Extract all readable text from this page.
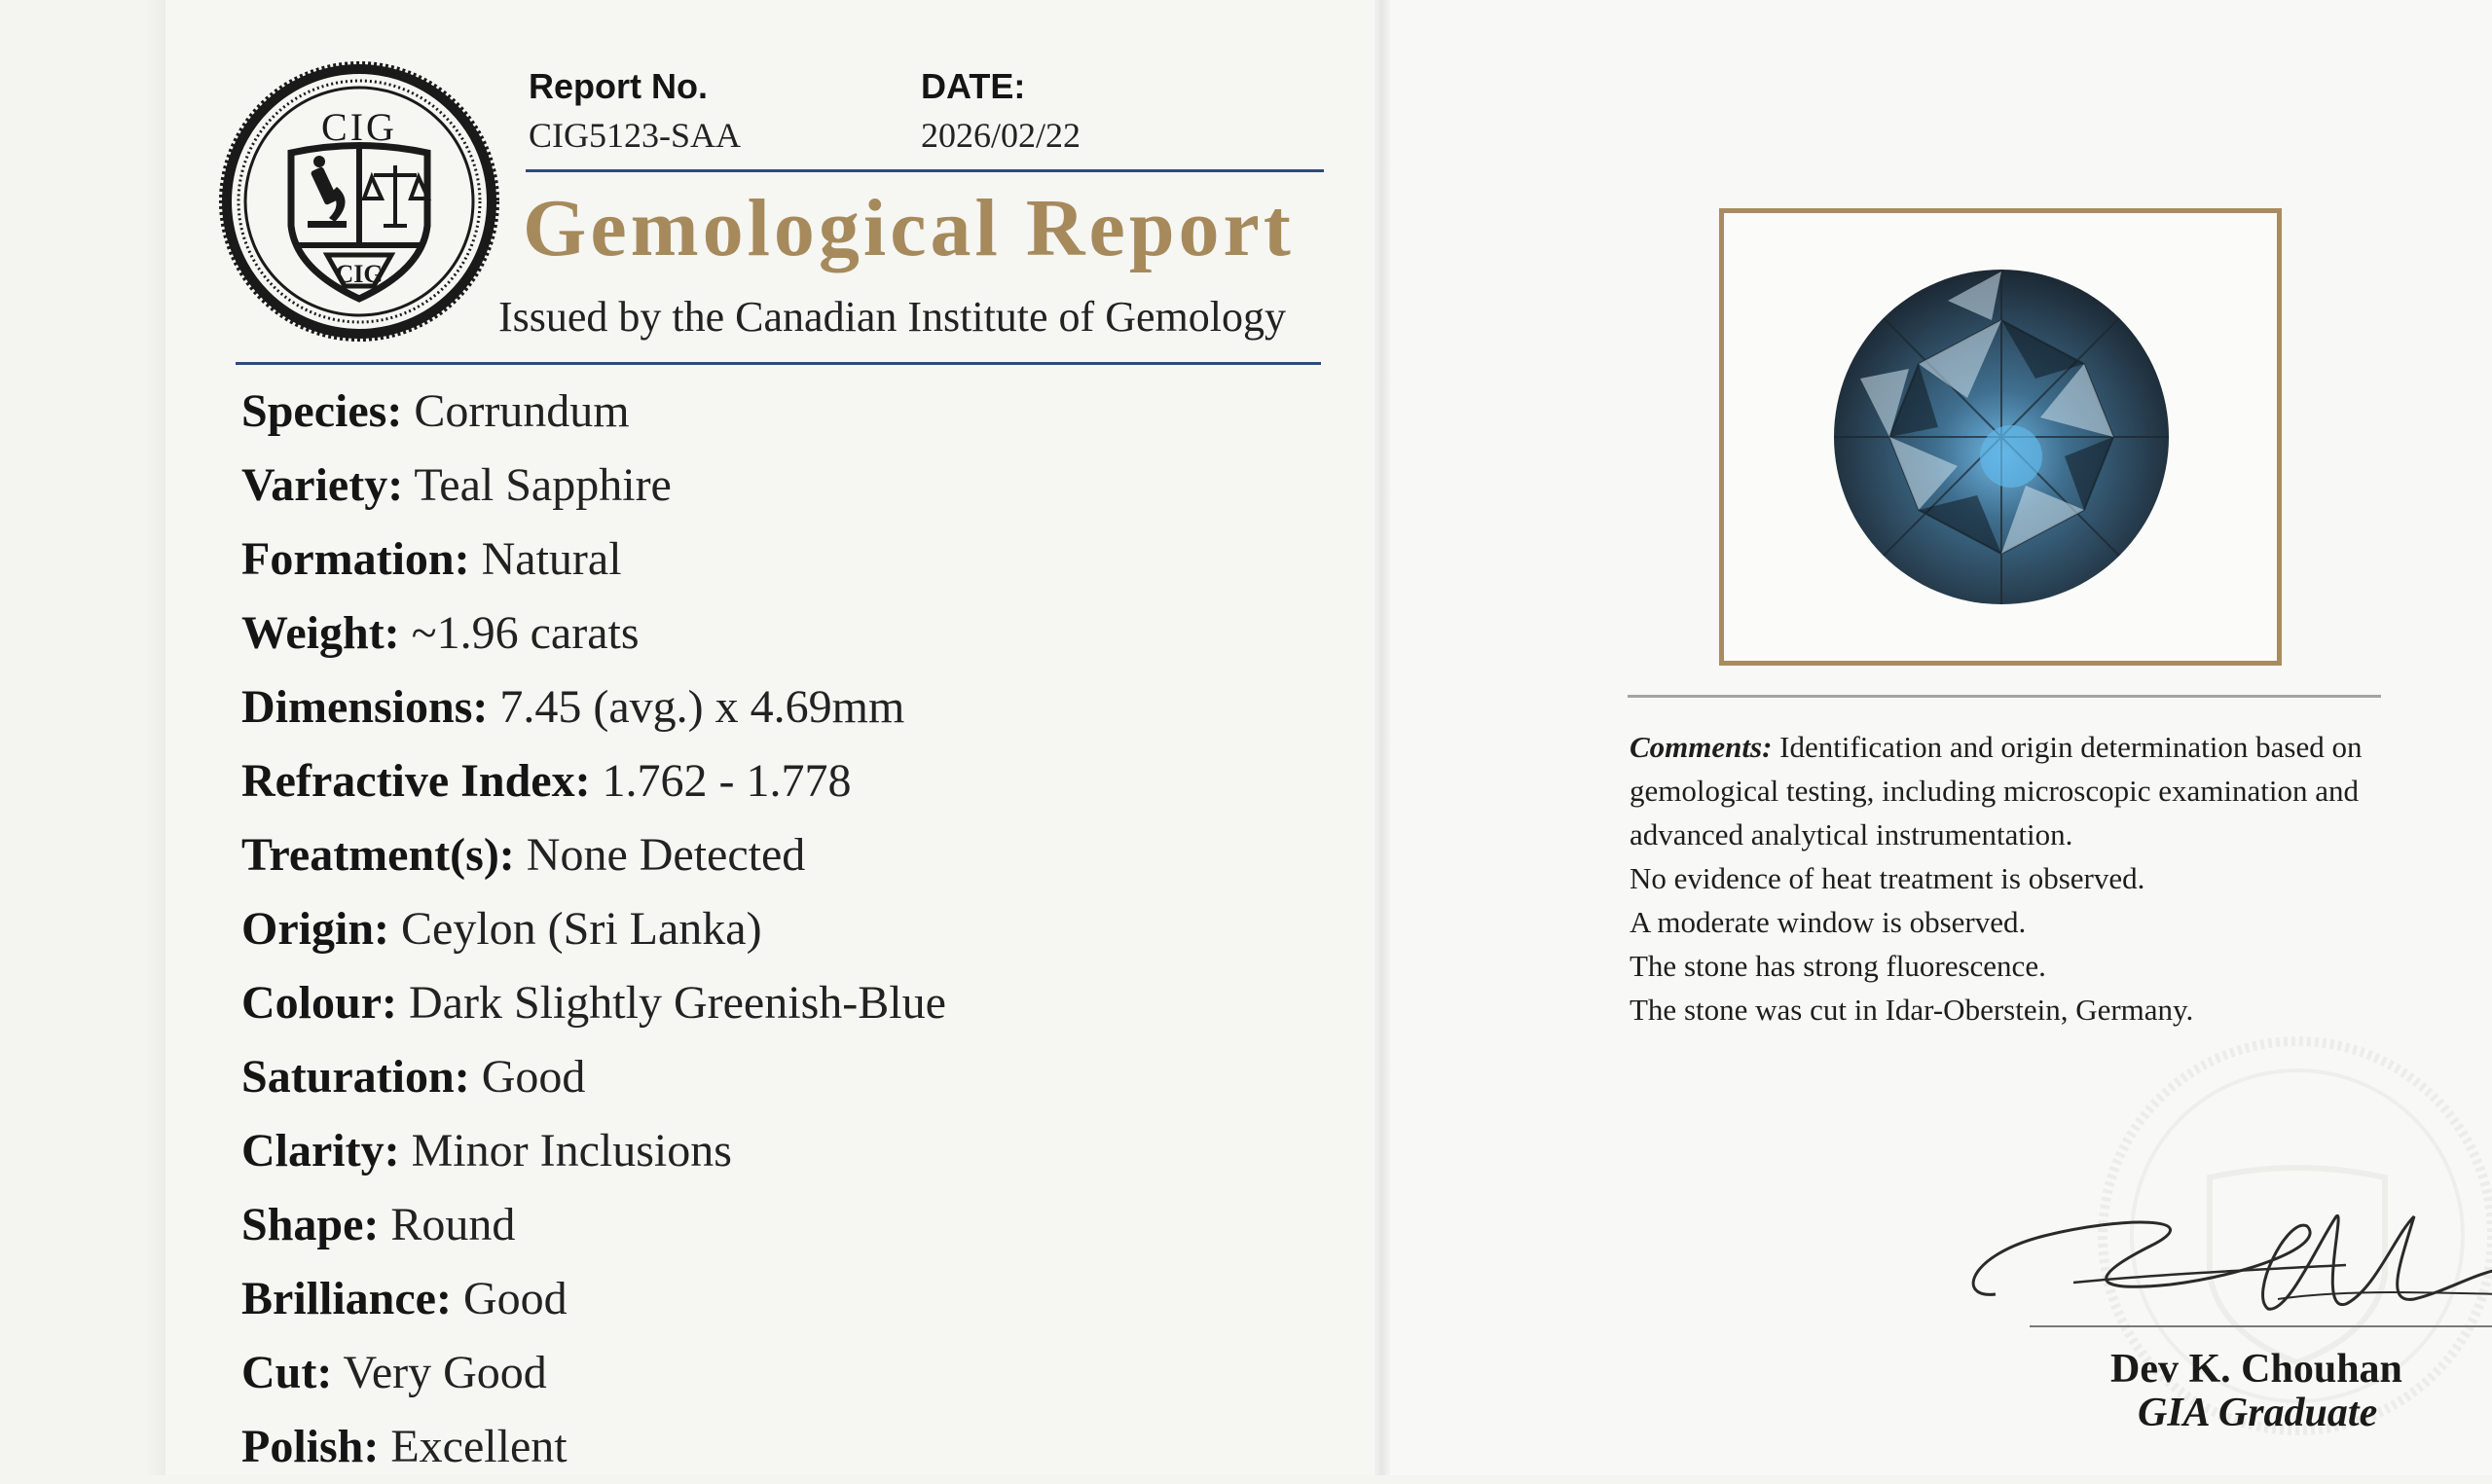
CIG
CIG
Report No.
CIG5123-SAA
DATE:
2026/02/22
Gemological Report
Issued by the Canadian Institute of Gemology
Species: Corrundum
Variety: Teal Sapphire
Formation: Natural
Weight: ~1.96 carats
Dimensions: 7.45 (avg.) x 4.69mm
Refractive Index: 1.762 - 1.778
Treatment(s): None Detected
Origin: Ceylon (Sri Lanka)
Colour: Dark Slightly Greenish-Blue
Saturation: Good
Clarity: Minor Inclusions
Shape: Round
Brilliance: Good
Cut: Very Good
Polish: Excellent

Comments: Identification and origin determination based on

gemological testing, including microscopic examination and

advanced analytical instrumentation.

No evidence of heat treatment is observed.

A moderate window is observed.

The stone has strong fluorescence.

The stone was cut in Idar-Oberstein, Germany.

Dev K. Chouhan
GIA Graduate
